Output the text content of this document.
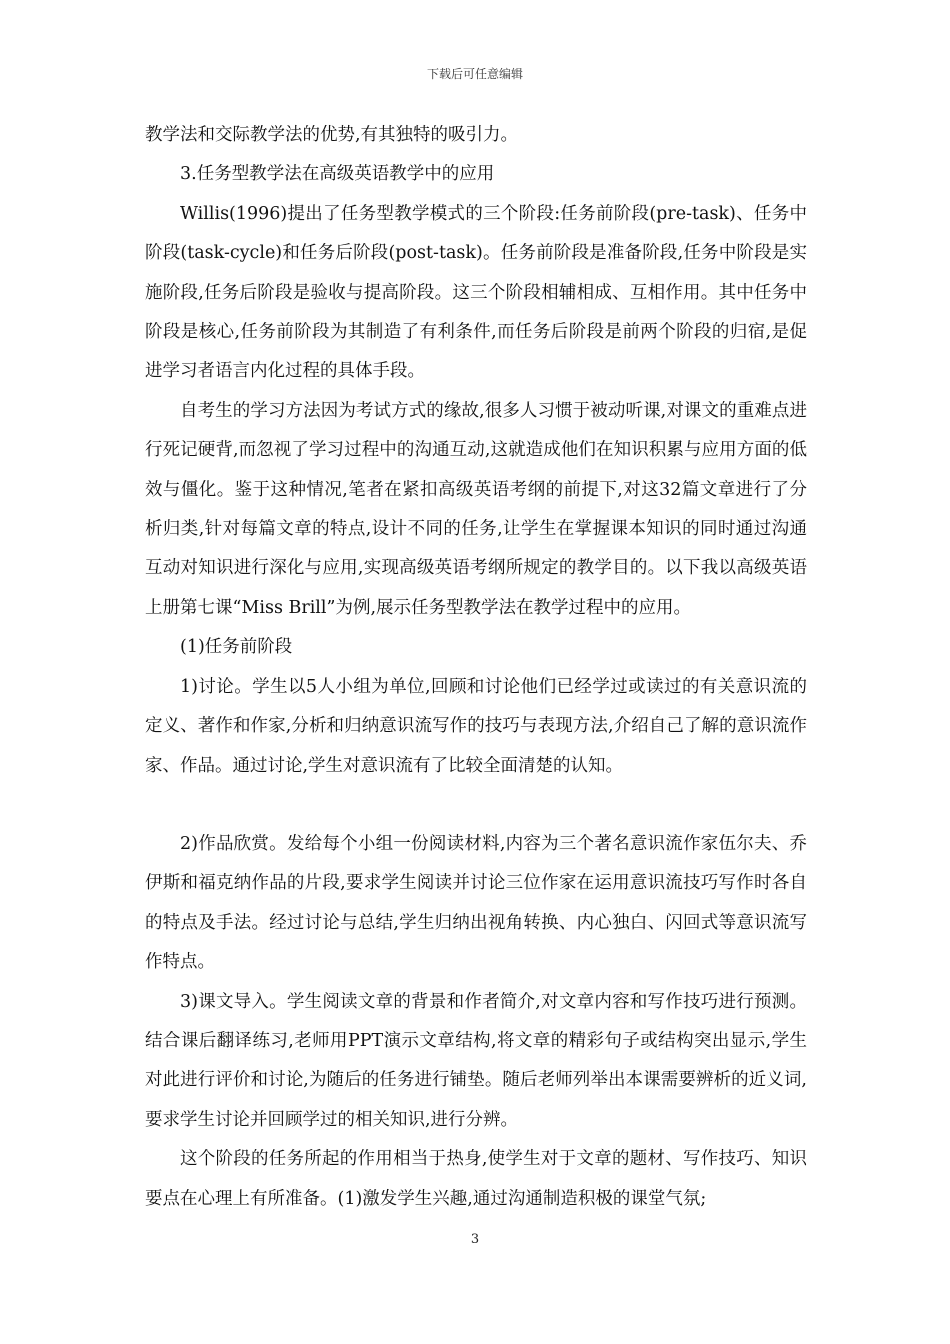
下载后可任意编辑

教学法和交际教学法的优势,有其独特的吸引力。

3.任务型教学法在高级英语教学中的应用

Willis(1996)提出了任务型教学模式的三个阶段:任务前阶段(pre-task)、任务中阶段(task-cycle)和任务后阶段(post-task)。任务前阶段是准备阶段,任务中阶段是实施阶段,任务后阶段是验收与提高阶段。这三个阶段相辅相成、互相作用。其中任务中阶段是核心,任务前阶段为其制造了有利条件,而任务后阶段是前两个阶段的归宿,是促进学习者语言内化过程的具体手段。

自考生的学习方法因为考试方式的缘故,很多人习惯于被动听课,对课文的重难点进行死记硬背,而忽视了学习过程中的沟通互动,这就造成他们在知识积累与应用方面的低效与僵化。鉴于这种情况,笔者在紧扣高级英语考纲的前提下,对这32篇文章进行了分析归类,针对每篇文章的特点,设计不同的任务,让学生在掌握课本知识的同时通过沟通互动对知识进行深化与应用,实现高级英语考纲所规定的教学目的。以下我以高级英语上册第七课“Miss Brill”为例,展示任务型教学法在教学过程中的应用。

(1)任务前阶段

1)讨论。学生以5人小组为单位,回顾和讨论他们已经学过或读过的有关意识流的定义、著作和作家,分析和归纳意识流写作的技巧与表现方法,介绍自己了解的意识流作家、作品。通过讨论,学生对意识流有了比较全面清楚的认知。

2)作品欣赏。发给每个小组一份阅读材料,内容为三个著名意识流作家伍尔夫、乔伊斯和福克纳作品的片段,要求学生阅读并讨论三位作家在运用意识流技巧写作时各自的特点及手法。经过讨论与总结,学生归纳出视角转换、内心独白、闪回式等意识流写作特点。

3)课文导入。学生阅读文章的背景和作者简介,对文章内容和写作技巧进行预测。结合课后翻译练习,老师用PPT演示文章结构,将文章的精彩句子或结构突出显示,学生对此进行评价和讨论,为随后的任务进行铺垫。随后老师列举出本课需要辨析的近义词,要求学生讨论并回顾学过的相关知识,进行分辨。

这个阶段的任务所起的作用相当于热身,使学生对于文章的题材、写作技巧、知识要点在心理上有所准备。(1)激发学生兴趣,通过沟通制造积极的课堂气氛;

3
